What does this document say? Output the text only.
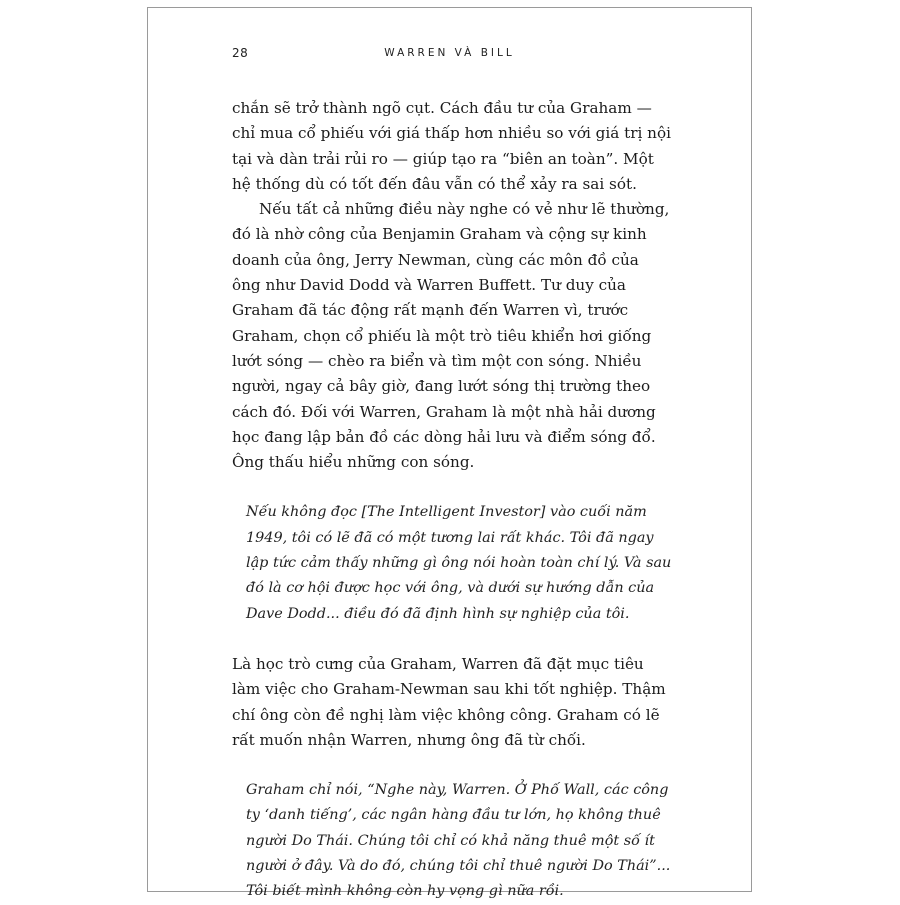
28	WARREN VÀ BILL

chắn sẽ trở thành ngõ cụt. Cách đầu tư của Graham — chỉ mua cổ phiếu với giá thấp hơn nhiều so với giá trị nội tại và dàn trải rủi ro — giúp tạo ra “biên an toàn”. Một hệ thống dù có tốt đến đâu vẫn có thể xảy ra sai sót.

Nếu tất cả những điều này nghe có vẻ như lẽ thường, đó là nhờ công của Benjamin Graham và cộng sự kinh doanh của ông, Jerry Newman, cùng các môn đồ của ông như David Dodd và Warren Buffett. Tư duy của Graham đã tác động rất mạnh đến Warren vì, trước Graham, chọn cổ phiếu là một trò tiêu khiển hơi giống lướt sóng — chèo ra biển và tìm một con sóng. Nhiều người, ngay cả bây giờ, đang lướt sóng thị trường theo cách đó. Đối với Warren, Graham là một nhà hải dương học đang lập bản đồ các dòng hải lưu và điểm sóng đổ. Ông thấu hiểu những con sóng.

Nếu không đọc [The Intelligent Investor] vào cuối năm 1949, tôi có lẽ đã có một tương lai rất khác. Tôi đã ngay lập tức cảm thấy những gì ông nói hoàn toàn chí lý. Và sau đó là cơ hội được học với ông, và dưới sự hướng dẫn của Dave Dodd... điều đó đã định hình sự nghiệp của tôi.

Là học trò cưng của Graham, Warren đã đặt mục tiêu làm việc cho Graham-Newman sau khi tốt nghiệp. Thậm chí ông còn đề nghị làm việc không công. Graham có lẽ rất muốn nhận Warren, nhưng ông đã từ chối.

Graham chỉ nói, “Nghe này, Warren. Ở Phố Wall, các công ty ‘danh tiếng’, các ngân hàng đầu tư lớn, họ không thuê người Do Thái. Chúng tôi chỉ có khả năng thuê một số ít người ở đây. Và do đó, chúng tôi chỉ thuê người Do Thái”... Tôi biết mình không còn hy vọng gì nữa rồi.
